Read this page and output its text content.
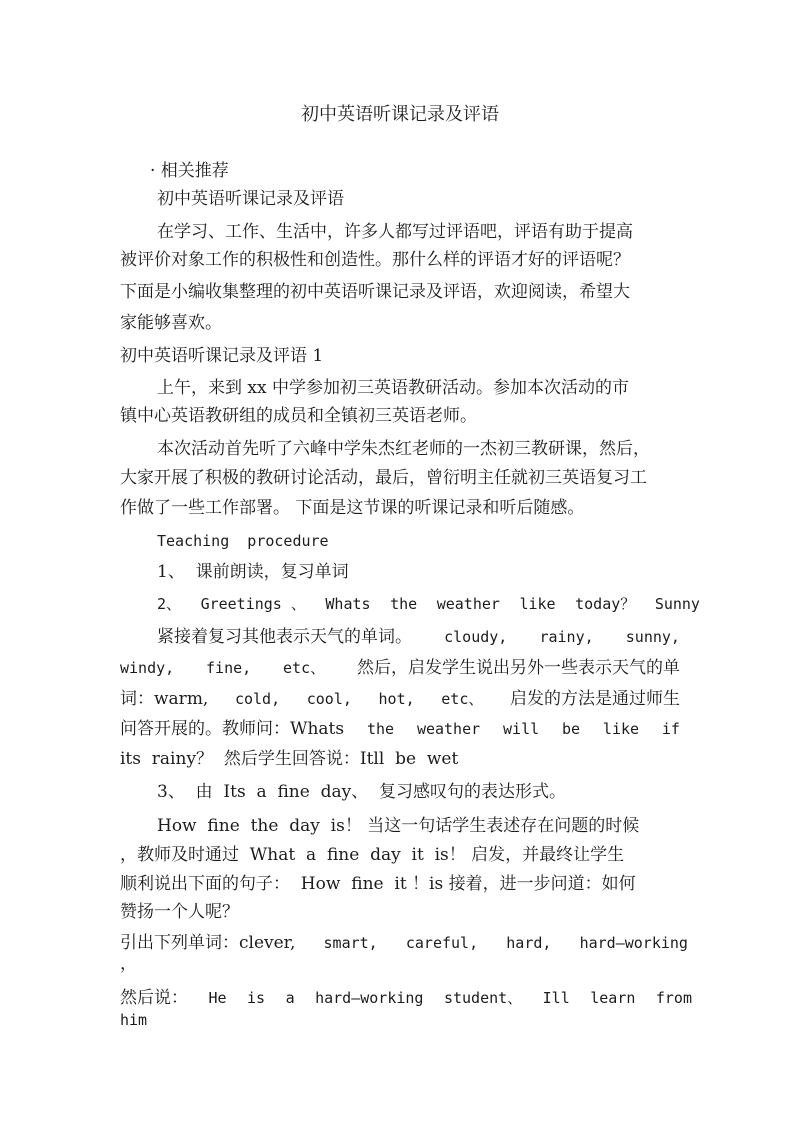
初中英语听课记录及评语
· 相关推荐
初中英语听课记录及评语
在学习、工作、生活中，许多人都写过评语吧，评语有助于提高
被评价对象工作的积极性和创造性。那什么样的评语才好的评语呢？
下面是小编收集整理的初中英语听课记录及评语，欢迎阅读，希望大
家能够喜欢。
初中英语听课记录及评语 1
上午，来到 xx 中学参加初三英语教研活动。参加本次活动的市
镇中心英语教研组的成员和全镇初三英语老师。
本次活动首先听了六峰中学朱杰红老师的一杰初三教研课，然后，
大家开展了积极的教研讨论活动，最后，曾衍明主任就初三英语复习工
作做了一些工作部署。 下面是这节课的听课记录和听后随感。
Teaching  procedure
1、  课前朗读，复习单词
2、 Greetings 、 Whats the weather like today？ Sunny
紧接着复习其他表示天气的单词。 cloudy, rainy, sunny,
windy, fine, etc、 然后，启发学生说出另外一些表示天气的单
词：warm, cold, cool, hot, etc、 启发的方法是通过师生
问答开展的。教师问：Whats the weather will be like if
its  rainy？  然后学生回答说：Itll  be  wet
3、  由  Its  a  fine  day、  复习感叹句的表达形式。
How  fine  the  day  is！ 当这一句话学生表述存在问题的时候
，教师及时通过  What  a  fine  day  it  is！ 启发，并最终让学生
顺利说出下面的句子：  How  fine  it ！is 接着，进一步问道：如何
赞扬一个人呢？
引出下列单词：clever, smart, careful, hard, hard—working
，
然后说： He is a hard—working student、 Ill learn from
him
